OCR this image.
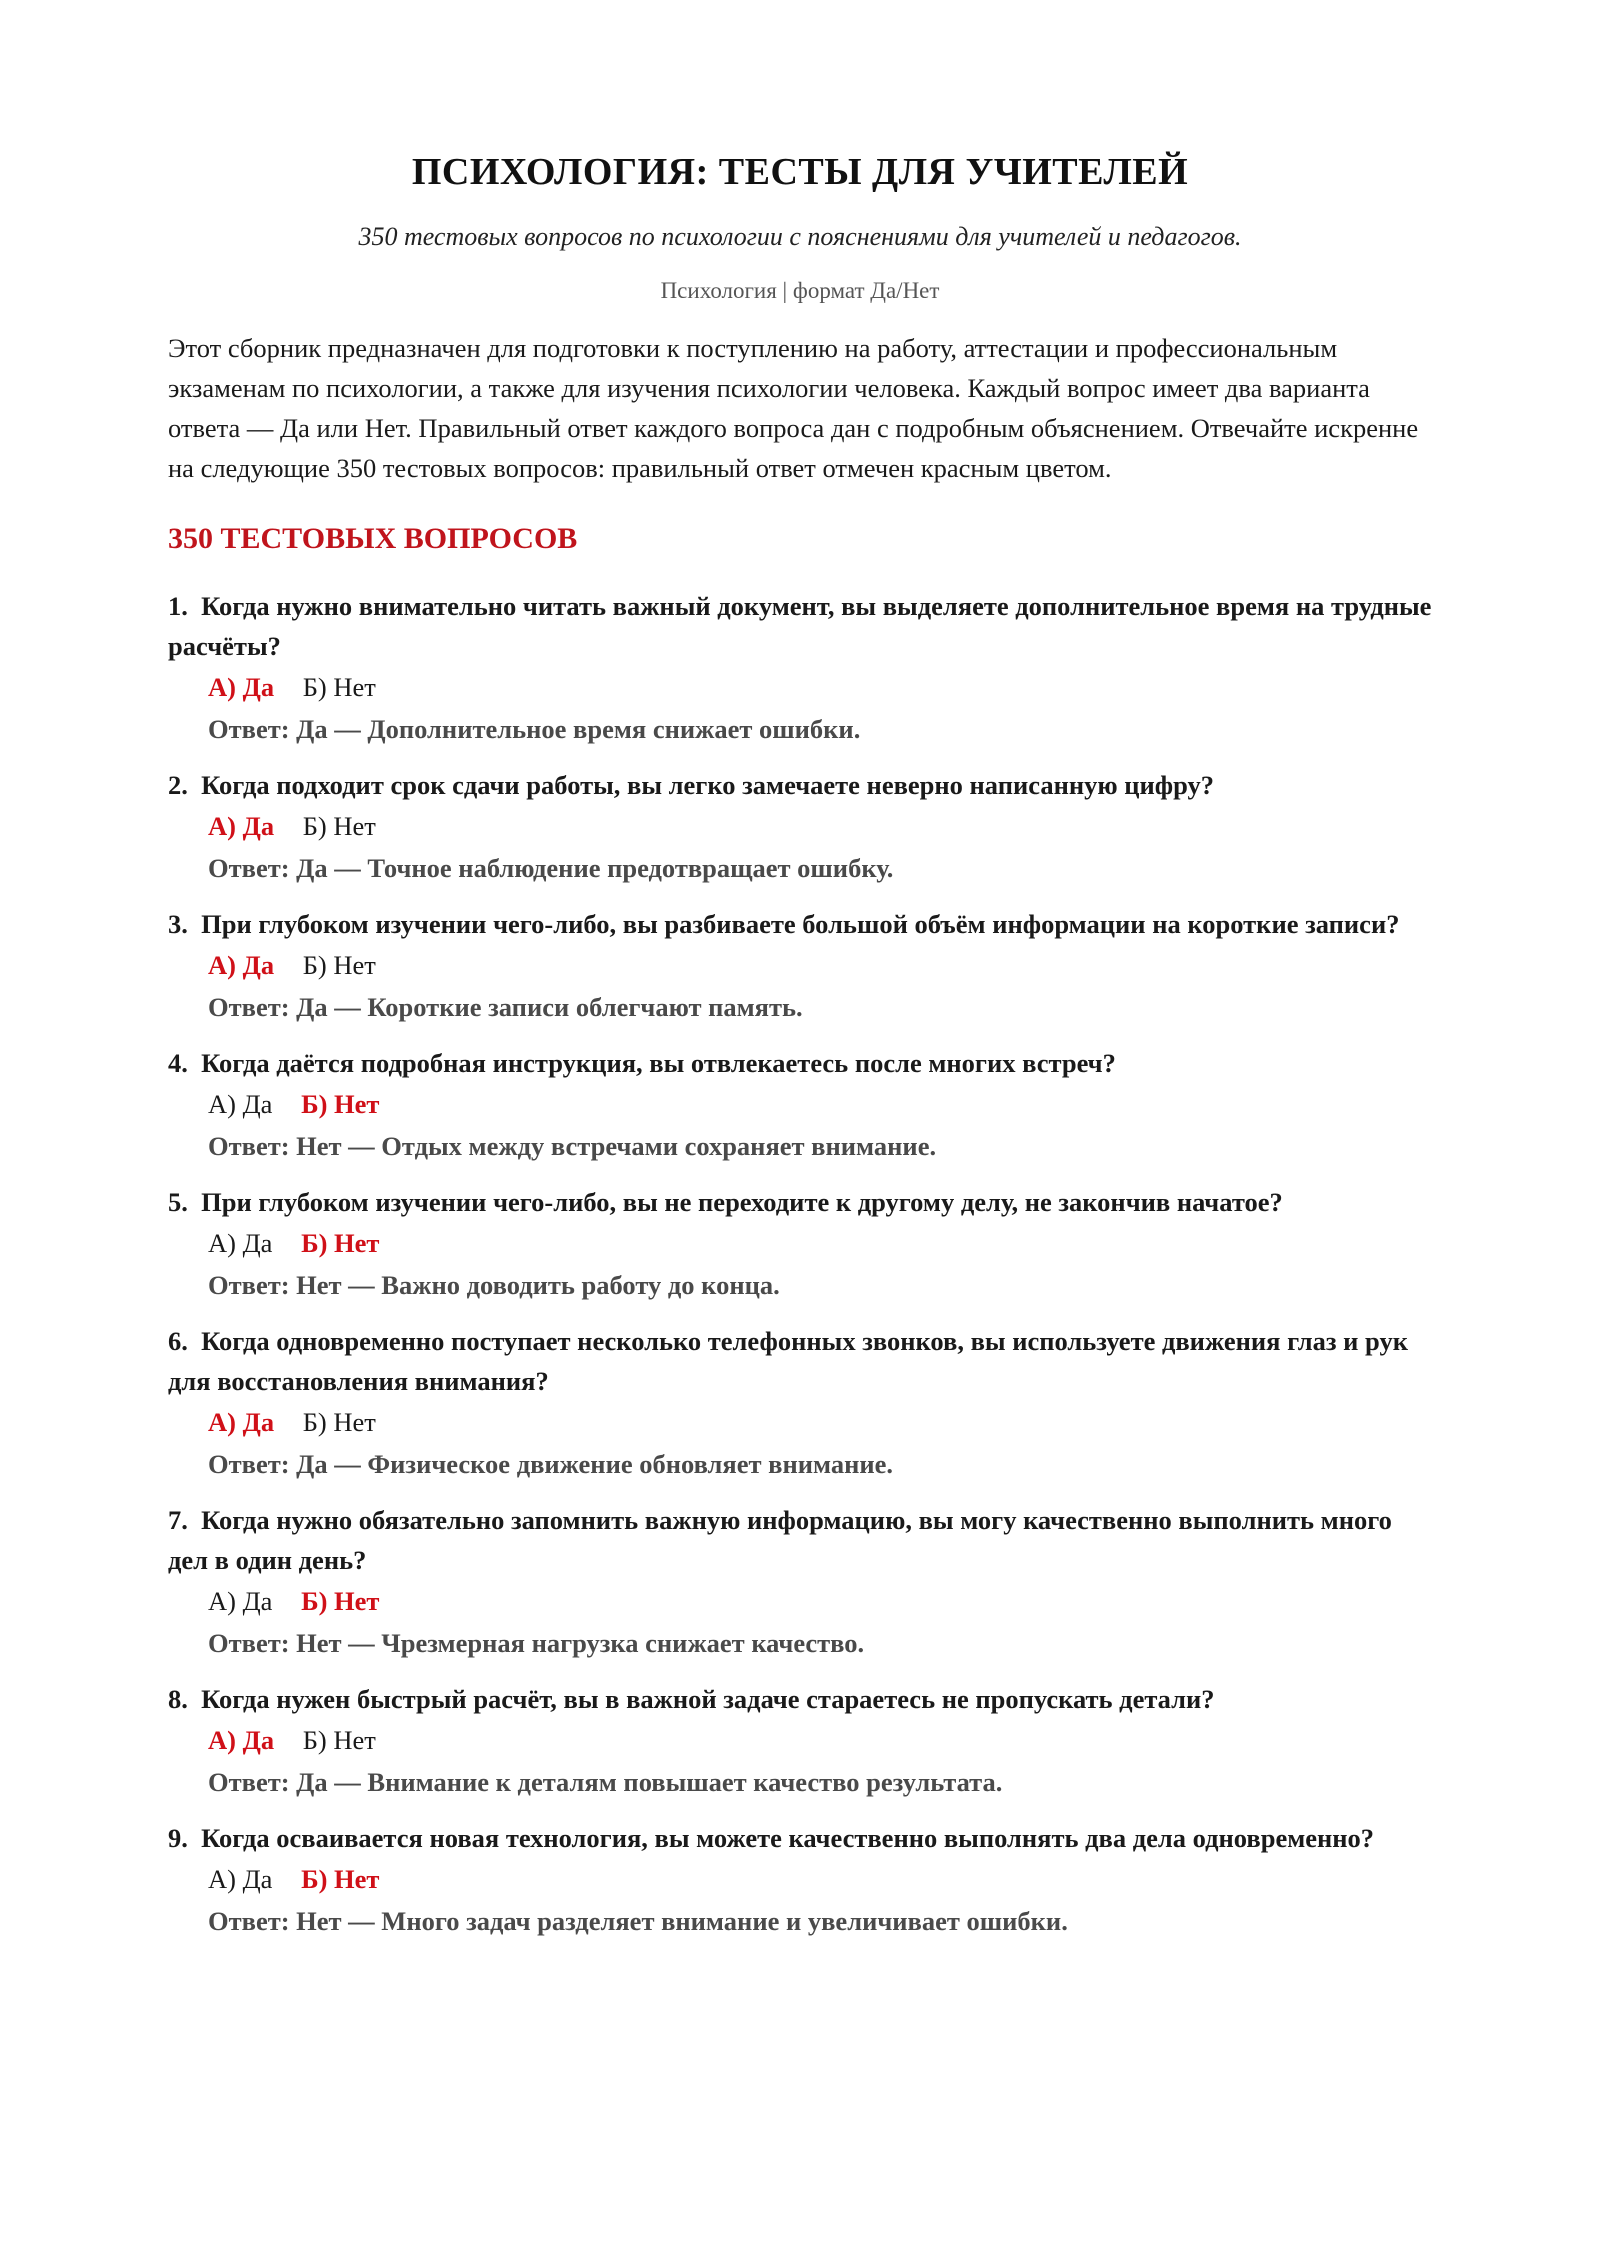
ПСИХОЛОГИЯ: ТЕСТЫ ДЛЯ УЧИТЕЛЕЙ
350 тестовых вопросов по психологии с пояснениями для учителей и педагогов.
Психология | формат Да/Нет

Этот сборник предназначен для подготовки к поступлению на работу, аттестации и профессиональным экзаменам по психологии, а также для изучения психологии человека. Каждый вопрос имеет два варианта ответа — Да или Нет. Правильный ответ каждого вопроса дан с подробным объяснением. Отвечайте искренне на следующие 350 тестовых вопросов: правильный ответ отмечен красным цветом.

350 ТЕСТОВЫХ ВОПРОСОВ
1. Когда нужно внимательно читать важный документ, вы выделяете дополнительное время на трудные расчёты?
А) Да Б) Нет
Ответ: Да — Дополнительное время снижает ошибки.
2. Когда подходит срок сдачи работы, вы легко замечаете неверно написанную цифру?
А) Да Б) Нет
Ответ: Да — Точное наблюдение предотвращает ошибку.
3. При глубоком изучении чего-либо, вы разбиваете большой объём информации на короткие записи?
А) Да Б) Нет
Ответ: Да — Короткие записи облегчают память.
4. Когда даётся подробная инструкция, вы отвлекаетесь после многих встреч?
А) Да Б) Нет
Ответ: Нет — Отдых между встречами сохраняет внимание.
5. При глубоком изучении чего-либо, вы не переходите к другому делу, не закончив начатое?
А) Да Б) Нет
Ответ: Нет — Важно доводить работу до конца.
6. Когда одновременно поступает несколько телефонных звонков, вы используете движения глаз и рук для восстановления внимания?
А) Да Б) Нет
Ответ: Да — Физическое движение обновляет внимание.
7. Когда нужно обязательно запомнить важную информацию, вы могу качественно выполнить много дел в один день?
А) Да Б) Нет
Ответ: Нет — Чрезмерная нагрузка снижает качество.
8. Когда нужен быстрый расчёт, вы в важной задаче стараетесь не пропускать детали?
А) Да Б) Нет
Ответ: Да — Внимание к деталям повышает качество результата.
9. Когда осваивается новая технология, вы можете качественно выполнять два дела одновременно?
А) Да Б) Нет
Ответ: Нет — Много задач разделяет внимание и увеличивает ошибки.
